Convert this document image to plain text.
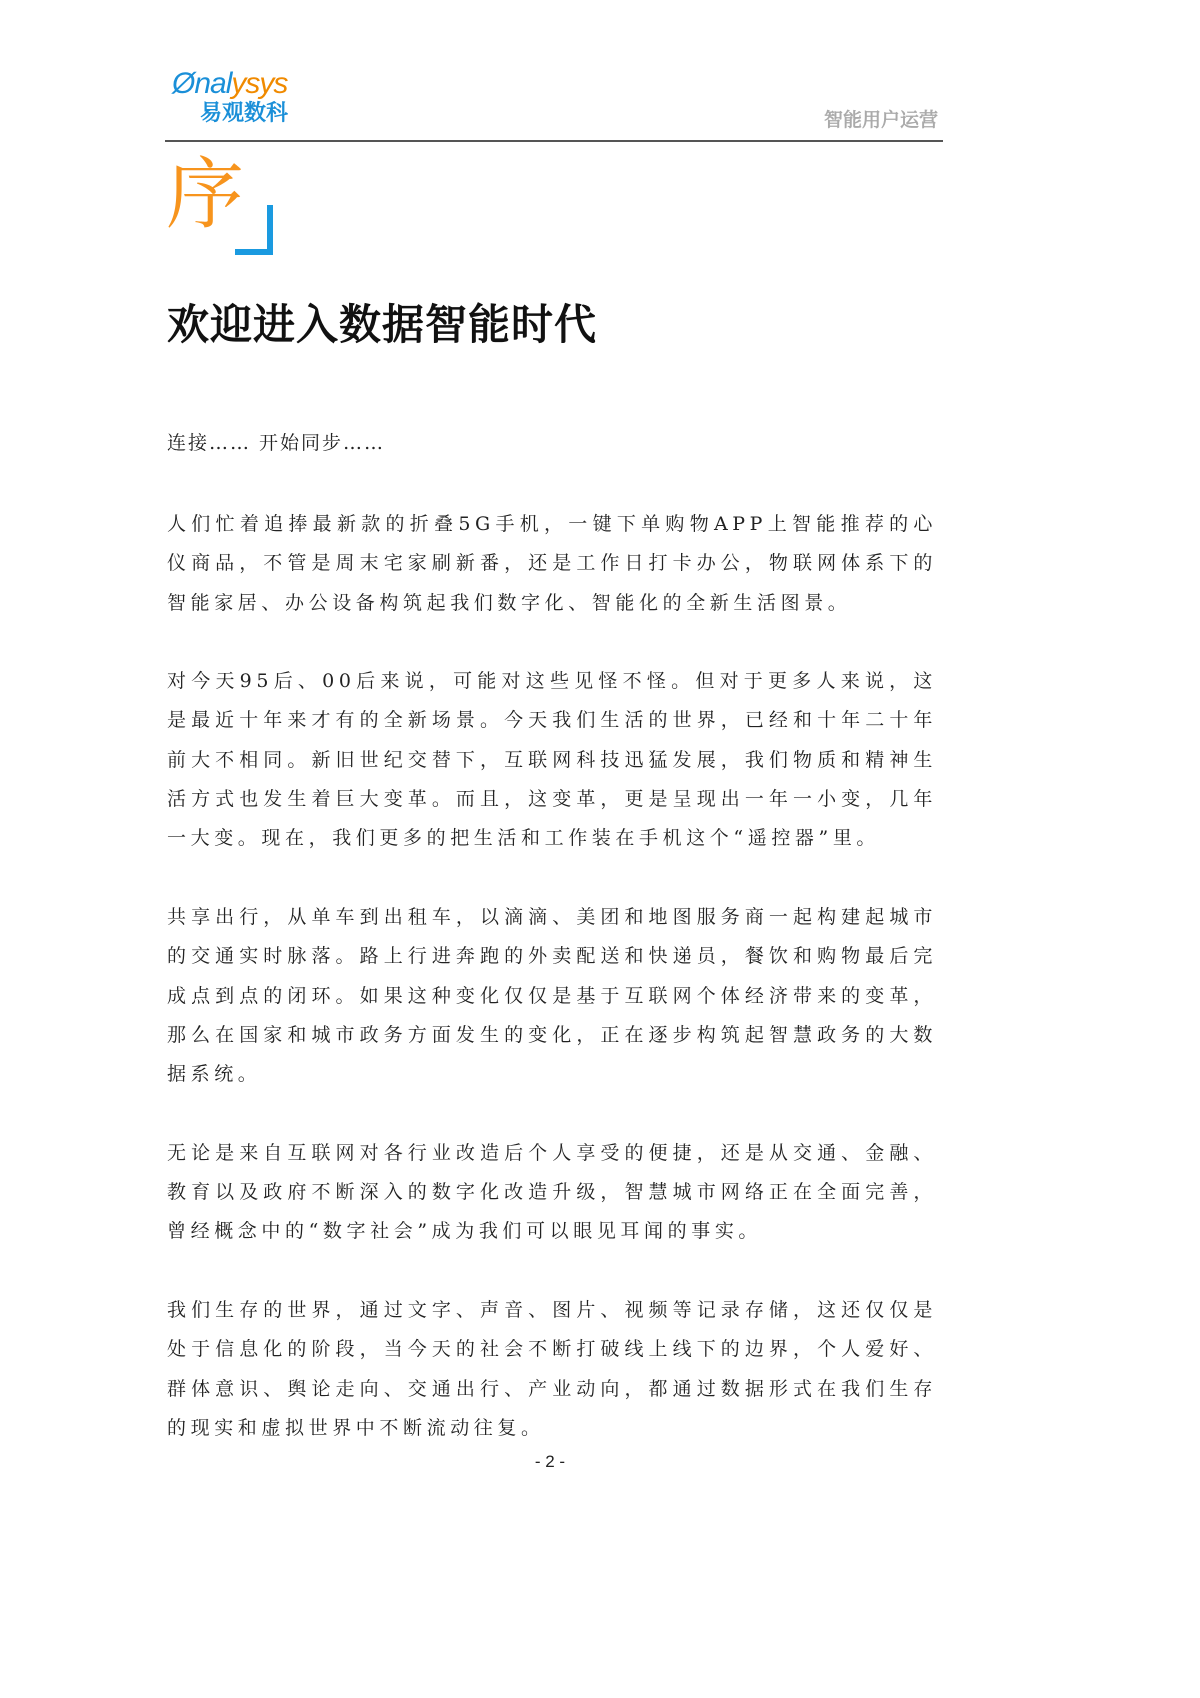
Ønalysys
易观数科	智能用户运营
序
欢迎进入数据智能时代
连接…… 开始同步……

人们忙着追捧最新款的折叠5G手机，一键下单购物APP上智能推荐的心仪商品，不管是周末宅家刷新番，还是工作日打卡办公，物联网体系下的智能家居、办公设备构筑起我们数字化、智能化的全新生活图景。

对今天95后、00后来说，可能对这些见怪不怪。但对于更多人来说，这是最近十年来才有的全新场景。今天我们生活的世界，已经和十年二十年前大不相同。新旧世纪交替下，互联网科技迅猛发展，我们物质和精神生活方式也发生着巨大变革。而且，这变革，更是呈现出一年一小变，几年一大变。现在，我们更多的把生活和工作装在手机这个“遥控器”里。

共享出行，从单车到出租车，以滴滴、美团和地图服务商一起构建起城市的交通实时脉落。路上行进奔跑的外卖配送和快递员，餐饮和购物最后完成点到点的闭环。如果这种变化仅仅是基于互联网个体经济带来的变革，那么在国家和城市政务方面发生的变化，正在逐步构筑起智慧政务的大数据系统。

无论是来自互联网对各行业改造后个人享受的便捷，还是从交通、金融、教育以及政府不断深入的数字化改造升级，智慧城市网络正在全面完善，曾经概念中的“数字社会”成为我们可以眼见耳闻的事实。

我们生存的世界，通过文字、声音、图片、视频等记录存储，这还仅仅是处于信息化的阶段，当今天的社会不断打破线上线下的边界，个人爱好、群体意识、舆论走向、交通出行、产业动向，都通过数据形式在我们生存的现实和虚拟世界中不断流动往复。

- 2 -
